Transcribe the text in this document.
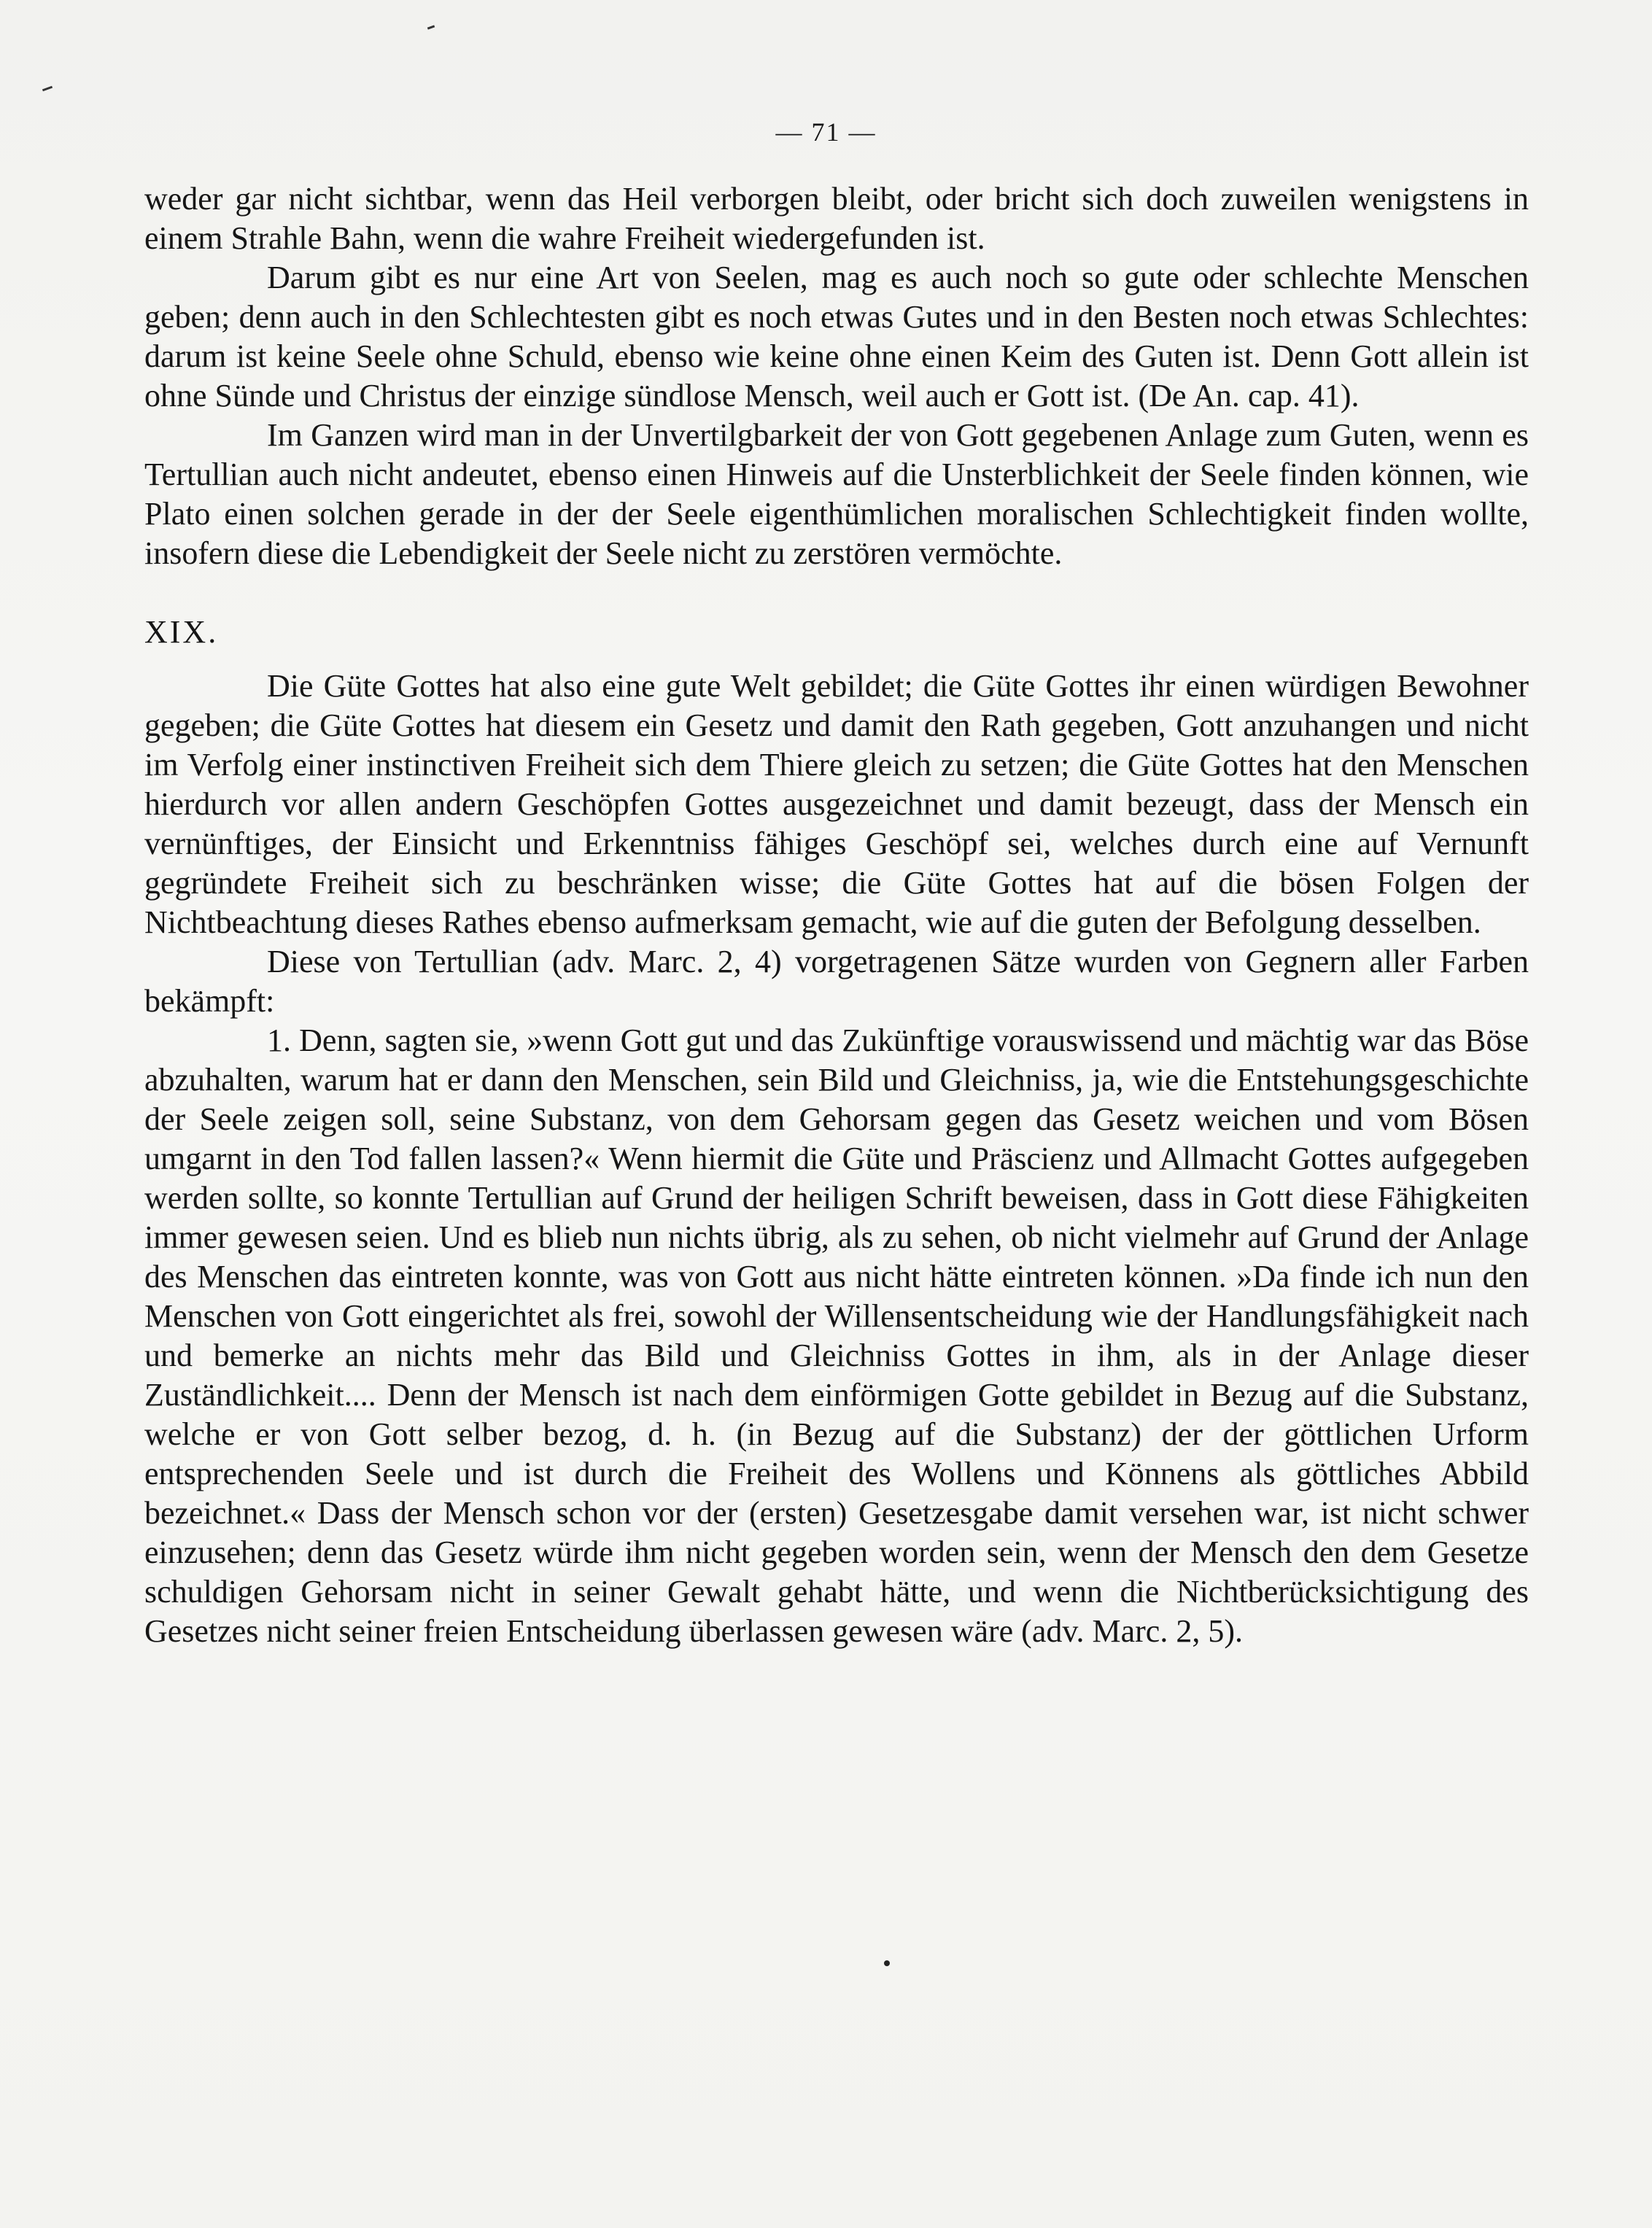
— 71 —

weder gar nicht sichtbar, wenn das Heil verborgen bleibt, oder bricht sich doch zuweilen wenigstens in einem Strahle Bahn, wenn die wahre Freiheit wiedergefunden ist.

Darum gibt es nur eine Art von Seelen, mag es auch noch so gute oder schlechte Menschen geben; denn auch in den Schlechtesten gibt es noch etwas Gutes und in den Besten noch etwas Schlechtes: darum ist keine Seele ohne Schuld, ebenso wie keine ohne einen Keim des Guten ist. Denn Gott allein ist ohne Sünde und Christus der einzige sündlose Mensch, weil auch er Gott ist. (De An. cap. 41).

Im Ganzen wird man in der Unvertilgbarkeit der von Gott gegebenen Anlage zum Guten, wenn es Tertullian auch nicht andeutet, ebenso einen Hinweis auf die Unsterblichkeit der Seele finden können, wie Plato einen solchen gerade in der der Seele eigenthümlichen moralischen Schlechtigkeit finden wollte, insofern diese die Lebendigkeit der Seele nicht zu zerstören vermöchte.

XIX.

Die Güte Gottes hat also eine gute Welt gebildet; die Güte Gottes ihr einen würdigen Bewohner gegeben; die Güte Gottes hat diesem ein Gesetz und damit den Rath gegeben, Gott anzuhangen und nicht im Verfolg einer instinctiven Freiheit sich dem Thiere gleich zu setzen; die Güte Gottes hat den Menschen hierdurch vor allen andern Geschöpfen Gottes ausgezeichnet und damit bezeugt, dass der Mensch ein vernünftiges, der Einsicht und Erkenntniss fähiges Geschöpf sei, welches durch eine auf Vernunft gegründete Freiheit sich zu beschränken wisse; die Güte Gottes hat auf die bösen Folgen der Nichtbeachtung dieses Rathes ebenso aufmerksam gemacht, wie auf die guten der Befolgung desselben.

Diese von Tertullian (adv. Marc. 2, 4) vorgetragenen Sätze wurden von Gegnern aller Farben bekämpft:

1. Denn, sagten sie, »wenn Gott gut und das Zukünftige vorauswissend und mächtig war das Böse abzuhalten, warum hat er dann den Menschen, sein Bild und Gleichniss, ja, wie die Entstehungsgeschichte der Seele zeigen soll, seine Substanz, von dem Gehorsam gegen das Gesetz weichen und vom Bösen umgarnt in den Tod fallen lassen?« Wenn hiermit die Güte und Präscienz und Allmacht Gottes aufgegeben werden sollte, so konnte Tertullian auf Grund der heiligen Schrift beweisen, dass in Gott diese Fähigkeiten immer gewesen seien. Und es blieb nun nichts übrig, als zu sehen, ob nicht vielmehr auf Grund der Anlage des Menschen das eintreten konnte, was von Gott aus nicht hätte eintreten können. »Da finde ich nun den Menschen von Gott eingerichtet als frei, sowohl der Willensentscheidung wie der Handlungsfähigkeit nach und bemerke an nichts mehr das Bild und Gleichniss Gottes in ihm, als in der Anlage dieser Zuständlichkeit.... Denn der Mensch ist nach dem einförmigen Gotte gebildet in Bezug auf die Substanz, welche er von Gott selber bezog, d. h. (in Bezug auf die Substanz) der der göttlichen Urform entsprechenden Seele und ist durch die Freiheit des Wollens und Könnens als göttliches Abbild bezeichnet.« Dass der Mensch schon vor der (ersten) Gesetzesgabe damit versehen war, ist nicht schwer einzusehen; denn das Gesetz würde ihm nicht gegeben worden sein, wenn der Mensch den dem Gesetze schuldigen Gehorsam nicht in seiner Gewalt gehabt hätte, und wenn die Nichtberücksichtigung des Gesetzes nicht seiner freien Entscheidung überlassen gewesen wäre (adv. Marc. 2, 5).
